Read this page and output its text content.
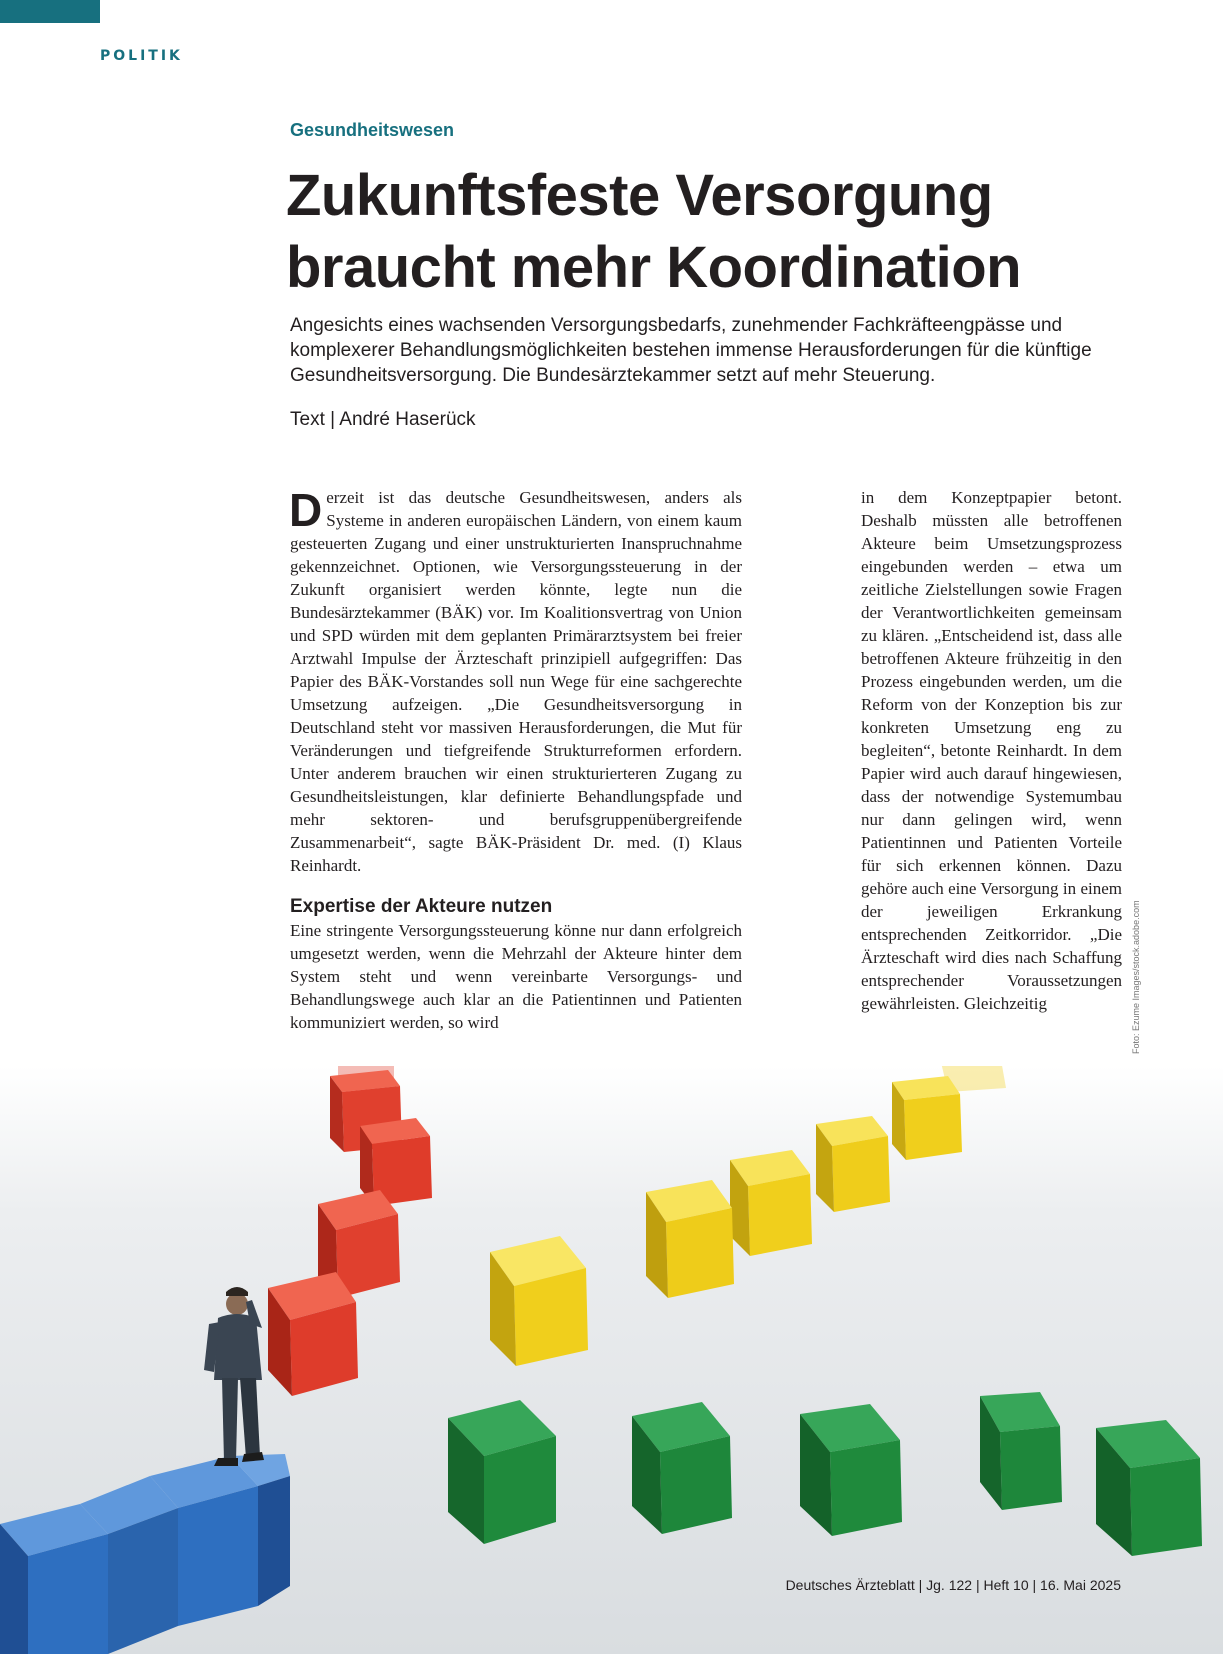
POLITIK
Gesundheitswesen
Zukunftsfeste Versorgung
braucht mehr Koordination

Angesichts eines wachsenden Versorgungsbedarfs, zunehmender Fachkräfteengpässe und komplexerer Behandlungsmöglichkeiten bestehen immense Herausforderungen für die künftige Gesundheitsversorgung. Die Bundesärztekammer setzt auf mehr Steuerung.

Text | André Haserück

Derzeit ist das deutsche Gesundheitswesen, anders als Systeme in anderen europäischen Ländern, von einem kaum gesteuerten Zugang und einer unstrukturierten Inanspruchnahme gekennzeichnet. Optionen, wie Versorgungssteuerung in der Zukunft organisiert werden könnte, legte nun die Bundesärztekammer (BÄK) vor. Im Koalitionsvertrag von Union und SPD würden mit dem geplanten Primärarztsystem bei freier Arztwahl Impulse der Ärzteschaft prinzipiell aufgegriffen: Das Papier des BÄK-Vorstandes soll nun Wege für eine sachgerechte Umsetzung aufzeigen. „Die Gesundheitsversorgung in Deutschland steht vor massiven Herausforderungen, die Mut für Veränderungen und tiefgreifende Strukturreformen erfordern. Unter anderem brauchen wir einen strukturierteren Zugang zu Gesundheitsleistungen, klar definierte Behandlungspfade und mehr sektoren- und berufsgruppenübergreifende Zusammenarbeit“, sagte BÄK-Präsident Dr. med. (I) Klaus Reinhardt.

Expertise der Akteure nutzen

Eine stringente Versorgungssteuerung könne nur dann erfolgreich umgesetzt werden, wenn die Mehrzahl der Akteure hinter dem System steht und wenn vereinbarte Versorgungs- und Behandlungswege auch klar an die Patientinnen und Patienten kommuniziert werden, so wird

in dem Konzeptpapier betont. Deshalb müssten alle betroffenen Akteure beim Umsetzungsprozess eingebunden werden – etwa um zeitliche Zielstellungen sowie Fragen der Verantwortlichkeiten gemeinsam zu klären. „Entscheidend ist, dass alle betroffenen Akteure frühzeitig in den Prozess eingebunden werden, um die Reform von der Konzeption bis zur konkreten Umsetzung eng zu begleiten“, betonte Reinhardt. In dem Papier wird auch darauf hingewiesen, dass der notwendige Systemumbau nur dann gelingen wird, wenn Patientinnen und Patienten Vorteile für sich erkennen können. Dazu gehöre auch eine Versorgung in einem der jeweiligen Erkrankung entsprechenden Zeitkorridor. „Die Ärzteschaft wird dies nach Schaffung entsprechender Voraussetzungen gewährleisten. Gleichzeitig	Foto: Ezume Images/stock.adobe.com
Deutsches Ärzteblatt | Jg. 122 | Heft 10 | 16. Mai 2025
